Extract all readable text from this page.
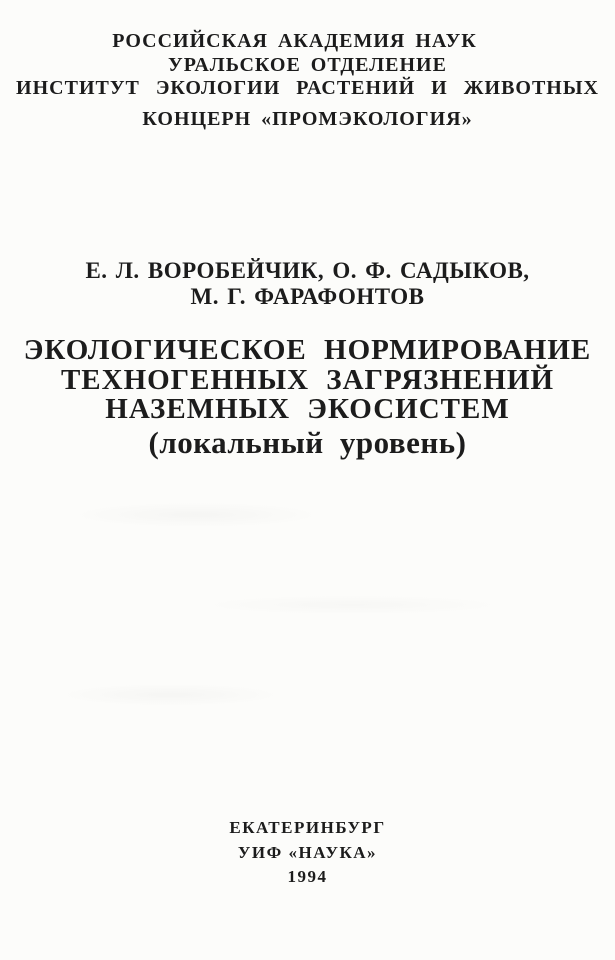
РОССИЙСКАЯ АКАДЕМИЯ НАУК
УРАЛЬСКОЕ ОТДЕЛЕНИЕ
ИНСТИТУТ ЭКОЛОГИИ РАСТЕНИЙ И ЖИВОТНЫХ
КОНЦЕРН «ПРОМЭКОЛОГИЯ»
Е. Л. ВОРОБЕЙЧИК, О. Ф. САДЫКОВ,
М. Г. ФАРАФОНТОВ
ЭКОЛОГИЧЕСКОЕ НОРМИРОВАНИЕ
ТЕХНОГЕННЫХ ЗАГРЯЗНЕНИЙ
НАЗЕМНЫХ ЭКОСИСТЕМ
(локальный уровень)
ЕКАТЕРИНБУРГ
УИФ «НАУКА»
1994
